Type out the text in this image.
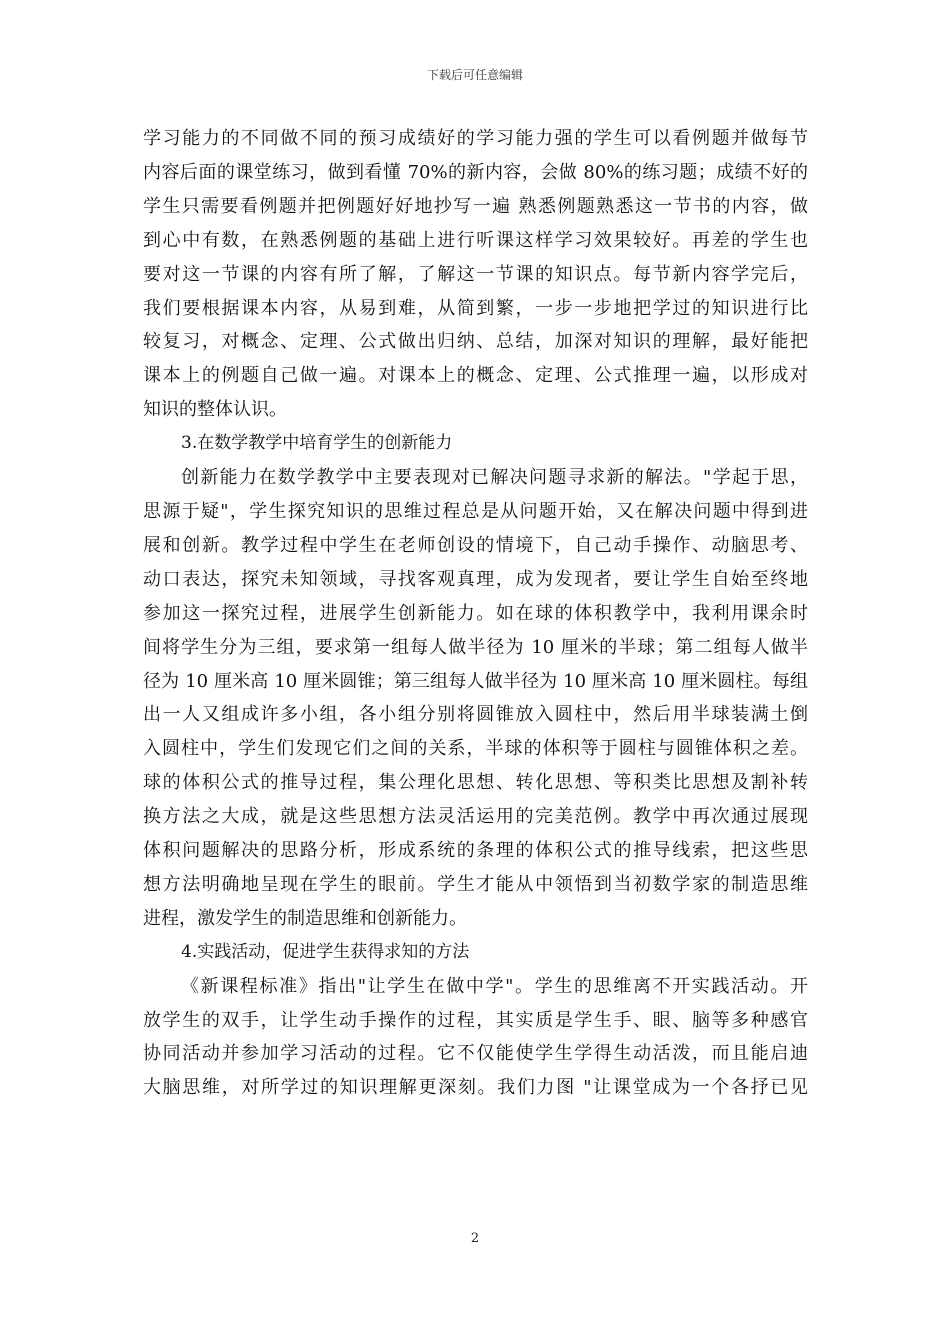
下载后可任意编辑
学习能力的不同做不同的预习成绩好的学习能力强的学生可以看例题并做每节
内容后面的课堂练习，做到看懂 70%的新内容，会做 80%的练习题；成绩不好的
学生只需要看例题并把例题好好地抄写一遍 熟悉例题熟悉这一节书的内容，做
到心中有数，在熟悉例题的基础上进行听课这样学习效果较好。再差的学生也
要对这一节课的内容有所了解，了解这一节课的知识点。每节新内容学完后，
我们要根据课本内容，从易到难，从简到繁，一步一步地把学过的知识进行比
较复习，对概念、定理、公式做出归纳、总结，加深对知识的理解，最好能把
课本上的例题自己做一遍。对课本上的概念、定理、公式推理一遍，以形成对
知识的整体认识。
3.在数学教学中培育学生的创新能力
创新能力在数学教学中主要表现对已解决问题寻求新的解法。"学起于思，
思源于疑"，学生探究知识的思维过程总是从问题开始，又在解决问题中得到进
展和创新。教学过程中学生在老师创设的情境下，自己动手操作、动脑思考、
动口表达，探究未知领域，寻找客观真理，成为发现者，要让学生自始至终地
参加这一探究过程，进展学生创新能力。如在球的体积教学中，我利用课余时
间将学生分为三组，要求第一组每人做半径为 10 厘米的半球；第二组每人做半
径为 10 厘米高 10 厘米圆锥；第三组每人做半径为 10 厘米高 10 厘米圆柱。每组
出一人又组成许多小组，各小组分别将圆锥放入圆柱中，然后用半球装满土倒
入圆柱中，学生们发现它们之间的关系，半球的体积等于圆柱与圆锥体积之差。
球的体积公式的推导过程，集公理化思想、转化思想、等积类比思想及割补转
换方法之大成，就是这些思想方法灵活运用的完美范例。教学中再次通过展现
体积问题解决的思路分析，形成系统的条理的体积公式的推导线索，把这些思
想方法明确地呈现在学生的眼前。学生才能从中领悟到当初数学家的制造思维
进程，激发学生的制造思维和创新能力。
4.实践活动，促进学生获得求知的方法
《新课程标准》指出"让学生在做中学"。学生的思维离不开实践活动。开
放学生的双手，让学生动手操作的过程，其实质是学生手、眼、脑等多种感官
协同活动并参加学习活动的过程。它不仅能使学生学得生动活泼，而且能启迪
大脑思维，对所学过的知识理解更深刻。我们力图 "让课堂成为一个各抒已见
2
